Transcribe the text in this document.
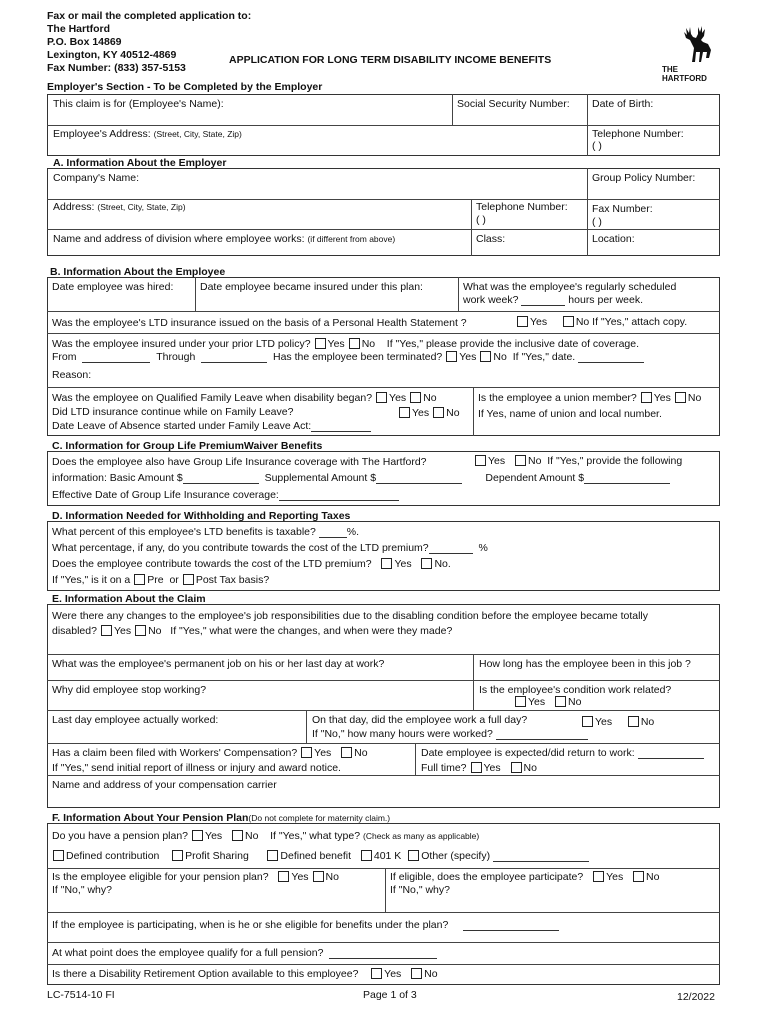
Fax or mail the completed application to:
The Hartford
P.O. Box 14869
Lexington, KY 40512-4869
Fax Number: (833) 357-5153
APPLICATION FOR LONG TERM DISABILITY INCOME BENEFITS
THE
HARTFORD
Employer's Section - To be Completed by the Employer
This claim is for (Employee's Name):	Social Security Number: Date of Birth:
Employee's Address: (Street, City, State, Zip)	Telephone Number:
( )
A. Information About the Employer
Company's Name:	Group Policy Number:
Address: (Street, City, State, Zip)	Telephone Number:
( )
Fax Number:
( )
Name and address of division where employee works: (if different from above)	Class:	Location:
B. Information About the Employee
Date employee was hired:	Date employee became insured under this plan:	What was the employee's regularly scheduled
work week?	hours per week.
Was the employee's LTD insurance issued on the basis of a Personal Health Statement ?	Yes	No If "Yes," attach copy.
Was the employee insured under your prior LTD policy? Yes No If "Yes," please provide the inclusive date of coverage.
From	Through	Has the employee been terminated? Yes No If "Yes," date.
Reason:
Was the employee on Qualified Family Leave when disability began? Yes No	Is the employee a union member? Yes No
Did LTD insurance continue while on Family Leave?	Yes No If Yes, name of union and local number.
Date Leave of Absence started under Family Leave Act:
C. Information for Group Life PremiumWaiver Benefits
Does the employee also have Group Life Insurance coverage with The Hartford?	Yes No If "Yes," provide the following
information: Basic Amount $	Supplemental Amount $	Dependent Amount $
Effective Date of Group Life Insurance coverage:
D. Information Needed for Withholding and Reporting Taxes
What percent of this employee's LTD benefits is taxable?	%.
What percentage, if any, do you contribute towards the cost of the LTD premium?	%
Does the employee contribute towards the cost of the LTD premium? Yes No.
If "Yes," is it on a Pre or Post Tax basis?
E. Information About the Claim
Were there any changes to the employee's job responsibilities due to the disabling condition before the employee became totally
disabled? Yes No If "Yes," what were the changes, and when were they made?
What was the employee's permanent job on his or her last day at work?	How long has the employee been in this job ?
Why did employee stop working?	Is the employee's condition work related?
Yes No
Last day employee actually worked:	On that day, did the employee work a full day?	Yes	No
If "No," how many hours were worked?
Has a claim been filed with Workers' Compensation? Yes No	Date employee is expected/did return to work:
If "Yes," send initial report of illness or injury and award notice.	Full time? Yes No
Name and address of your compensation carrier
F. Information About Your Pension Plan(Do not complete for maternity claim.)
Do you have a pension plan? Yes No If "Yes," what type? (Check as many as applicable)
Defined contribution Profit Sharing	Defined benefit 401 K Other (specify)
Is the employee eligible for your pension plan? Yes No
If "No," why?
If eligible, does the employee participate? Yes No
If "No," why?
If the employee is participating, when is he or she eligible for benefits under the plan?
At what point does the employee qualify for a full pension?
Is there a Disability Retirement Option available to this employee? Yes No
LC-7514-10 FI	Page 1 of 3	12/2022
